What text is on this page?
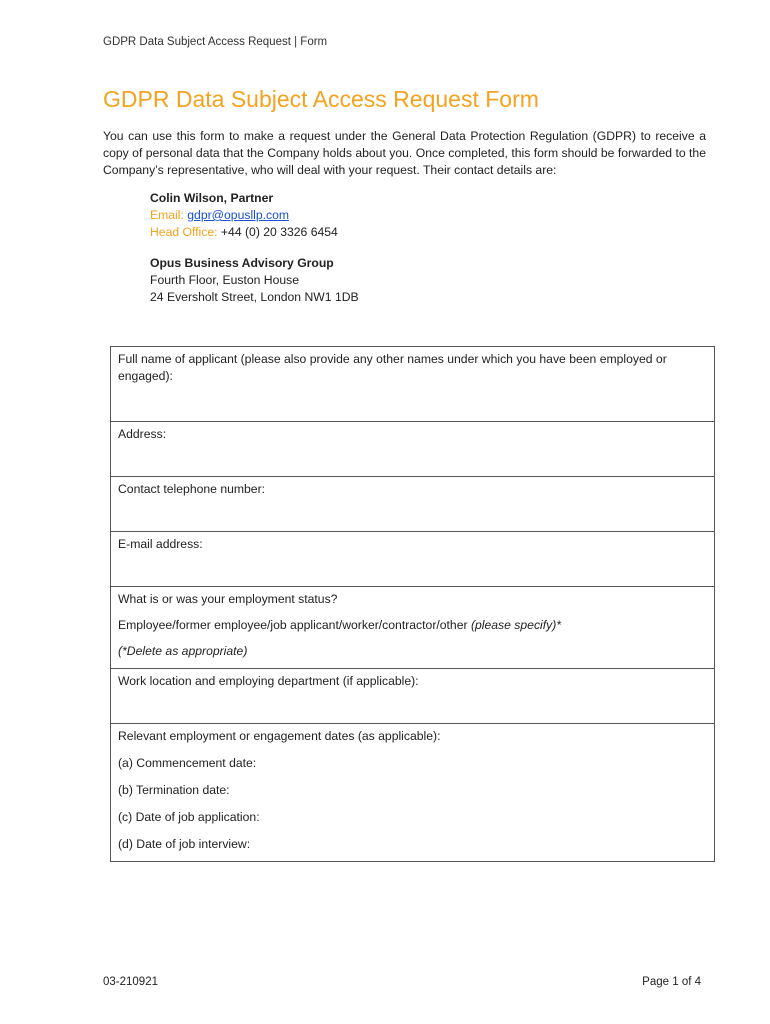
GDPR Data Subject Access Request | Form
GDPR Data Subject Access Request Form

You can use this form to make a request under the General Data Protection Regulation (GDPR) to receive a copy of personal data that the Company holds about you. Once completed, this form should be forwarded to the Company’s representative, who will deal with your request. Their contact details are:

Colin Wilson, Partner
Email: gdpr@opusllp.com
Head Office: +44 (0) 20 3326 6454
Opus Business Advisory Group
Fourth Floor, Euston House
24 Eversholt Street, London NW1 1DB
Full name of applicant (please also provide any other names under which you have been employed or engaged):
Address:
Contact telephone number:
E-mail address:
What is or was your employment status?
Employee/former employee/job applicant/worker/contractor/other (please specify)*
(*Delete as appropriate)
Work location and employing department (if applicable):
Relevant employment or engagement dates (as applicable):
(a) Commencement date:
(b) Termination date:
(c) Date of job application:
(d) Date of job interview:
03-210921	Page 1 of 4
